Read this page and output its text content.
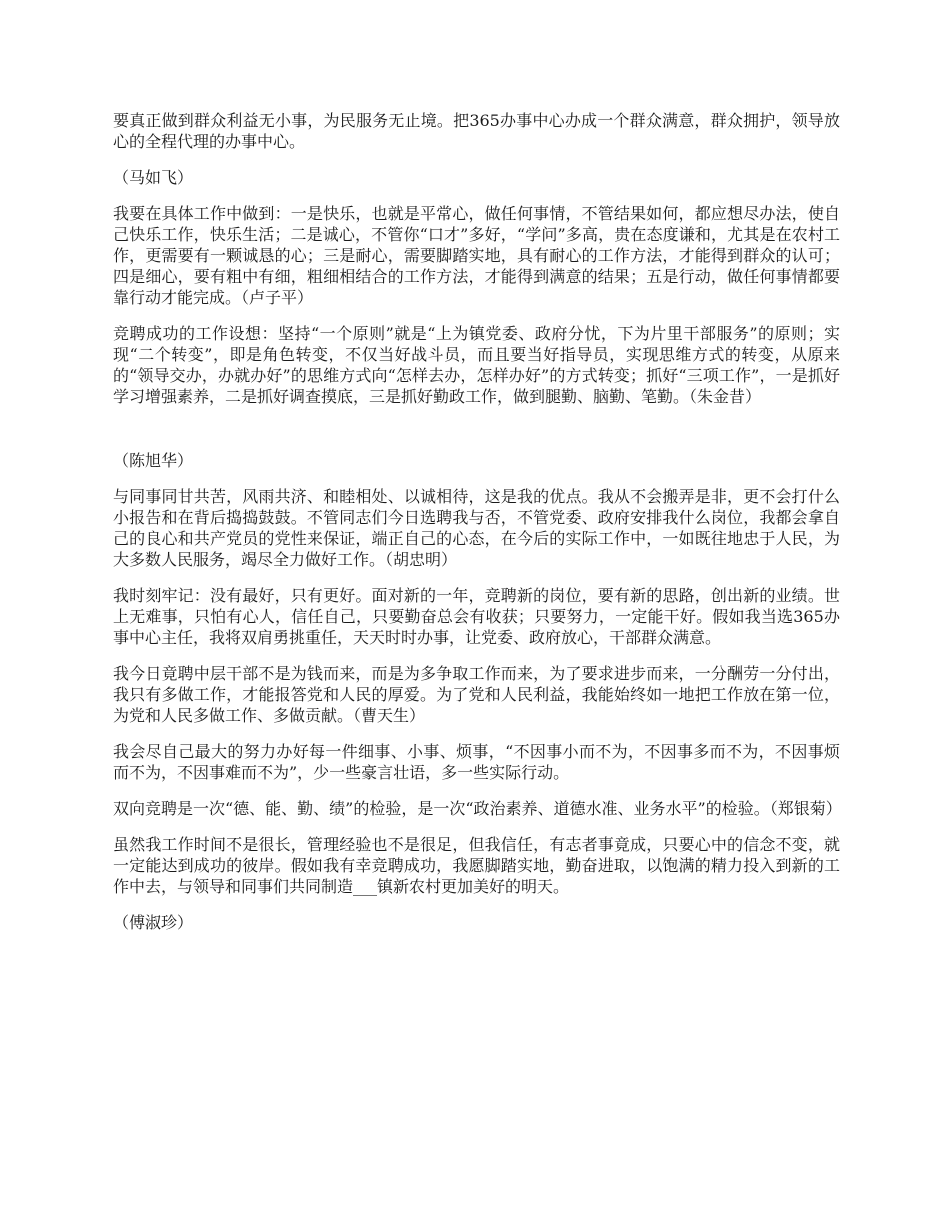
要真正做到群众利益无小事，为民服务无止境。把365办事中心办成一个群众满意，群众拥护，领导放心的全程代理的办事中心。

（马如飞）

我要在具体工作中做到：一是快乐，也就是平常心，做任何事情，不管结果如何，都应想尽办法，使自己快乐工作，快乐生活；二是诚心，不管你“口才”多好，“学问”多高，贵在态度谦和，尤其是在农村工作，更需要有一颗诚恳的心；三是耐心，需要脚踏实地，具有耐心的工作方法，才能得到群众的认可；四是细心，要有粗中有细，粗细相结合的工作方法，才能得到满意的结果；五是行动，做任何事情都要靠行动才能完成。（卢子平）

竞聘成功的工作设想：坚持“一个原则”就是“上为镇党委、政府分忧，下为片里干部服务”的原则；实现“二个转变”，即是角色转变，不仅当好战斗员，而且要当好指导员，实现思维方式的转变，从原来的“领导交办，办就办好”的思维方式向“怎样去办，怎样办好”的方式转变；抓好“三项工作”，一是抓好学习增强素养，二是抓好调查摸底，三是抓好勤政工作，做到腿勤、脑勤、笔勤。（朱金昔）

（陈旭华）

与同事同甘共苦，风雨共济、和睦相处、以诚相待，这是我的优点。我从不会搬弄是非，更不会打什么小报告和在背后捣捣鼓鼓。不管同志们今日选聘我与否，不管党委、政府安排我什么岗位，我都会拿自己的良心和共产党员的党性来保证，端正自己的心态，在今后的实际工作中，一如既往地忠于人民，为大多数人民服务，竭尽全力做好工作。（胡忠明）

我时刻牢记：没有最好，只有更好。面对新的一年，竞聘新的岗位，要有新的思路，创出新的业绩。世上无难事，只怕有心人，信任自己，只要勤奋总会有收获；只要努力，一定能干好。假如我当选365办事中心主任，我将双肩勇挑重任，天天时时办事，让党委、政府放心，干部群众满意。

我今日竟聘中层干部不是为钱而来，而是为多争取工作而来，为了要求进步而来，一分酬劳一分付出，我只有多做工作，才能报答党和人民的厚爱。为了党和人民利益，我能始终如一地把工作放在第一位，为党和人民多做工作、多做贡献。（曹天生）

我会尽自己最大的努力办好每一件细事、小事、烦事，“不因事小而不为，不因事多而不为，不因事烦而不为，不因事难而不为”，少一些豪言壮语，多一些实际行动。

双向竞聘是一次“德、能、勤、绩”的检验，是一次“政治素养、道德水准、业务水平”的检验。（郑银菊）

虽然我工作时间不是很长，管理经验也不是很足，但我信任，有志者事竟成，只要心中的信念不变，就一定能达到成功的彼岸。假如我有幸竞聘成功，我愿脚踏实地，勤奋进取，以饱满的精力投入到新的工作中去，与领导和同事们共同制造___镇新农村更加美好的明天。

（傅淑珍）
